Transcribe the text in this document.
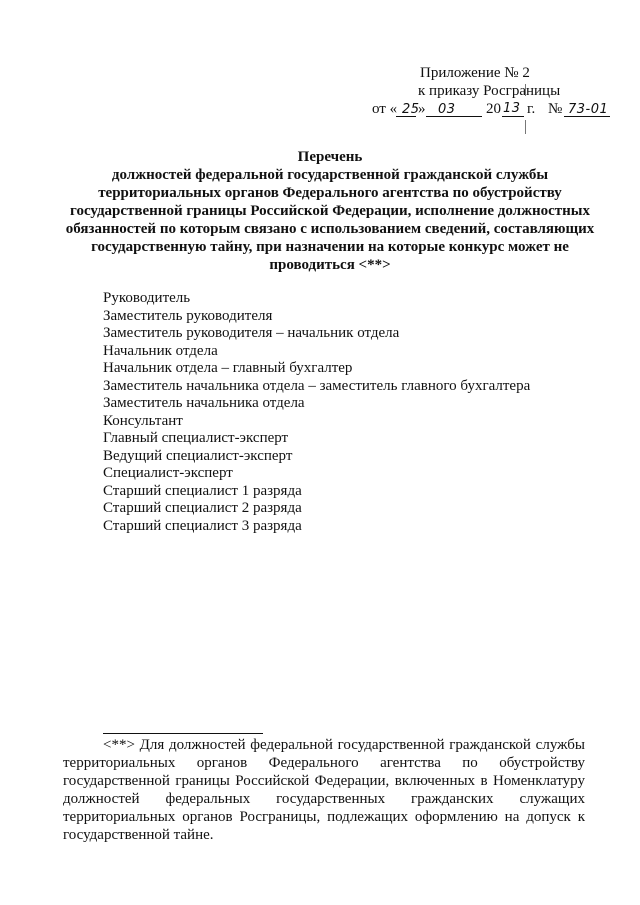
Приложение № 2
к приказу Росграницы
от « 25
» 03 20 13 г. № 73-01
Перечень
должностей федеральной государственной гражданской службы территориальных органов Федерального агентства по обустройству государственной границы Российской Федерации, исполнение должностных обязанностей по которым связано с использованием сведений, составляющих государственную тайну, при назначении на которые конкурс может не проводиться <**>
Руководитель
Заместитель руководителя
Заместитель руководителя – начальник отдела
Начальник отдела
Начальник отдела – главный бухгалтер
Заместитель начальника отдела – заместитель главного бухгалтера
Заместитель начальника отдела
Консультант
Главный специалист-эксперт
Ведущий специалист-эксперт
Специалист-эксперт
Старший специалист 1 разряда
Старший специалист 2 разряда
Старший специалист 3 разряда
<**> Для должностей федеральной государственной гражданской службы территориальных органов Федерального агентства по обустройству государственной границы Российской Федерации, включенных в Номенклатуру должностей федеральных государственных гражданских служащих территориальных органов Росграницы, подлежащих оформлению на допуск к государственной тайне.
